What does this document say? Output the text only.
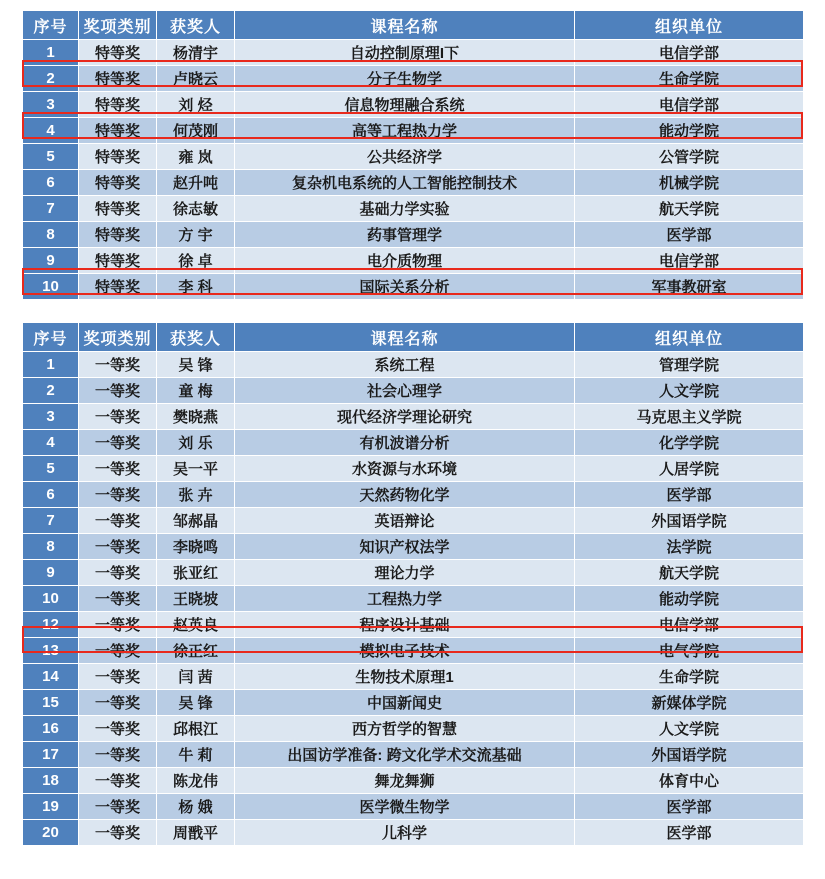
序号	奖项类别	获奖人	课程名称	组织单位
1	特等奖	杨清宇	自动控制原理I下	电信学部
2	特等奖	卢晓云	分子生物学	生命学院
3	特等奖	刘 烃	信息物理融合系统	电信学部
4	特等奖	何茂刚	高等工程热力学	能动学院
5	特等奖	雍 岚	公共经济学	公管学院
6	特等奖	赵升吨	复杂机电系统的人工智能控制技术	机械学院
7	特等奖	徐志敏	基础力学实验	航天学院
8	特等奖	方 宇	药事管理学	医学部
9	特等奖	徐 卓	电介质物理	电信学部
10	特等奖	李 科	国际关系分析	军事教研室
序号	奖项类别	获奖人	课程名称	组织单位
1	一等奖	吴 锋	系统工程	管理学院
2	一等奖	童 梅	社会心理学	人文学院
3	一等奖	樊晓燕	现代经济学理论研究	马克思主义学院
4	一等奖	刘 乐	有机波谱分析	化学学院
5	一等奖	吴一平	水资源与水环境	人居学院
6	一等奖	张 卉	天然药物化学	医学部
7	一等奖	邹郝晶	英语辩论	外国语学院
8	一等奖	李晓鸣	知识产权法学	法学院
9	一等奖	张亚红	理论力学	航天学院
10	一等奖	王晓坡	工程热力学	能动学院
12	一等奖	赵英良	程序设计基础	电信学部
13	一等奖	徐正红	模拟电子技术	电气学院
14	一等奖	闫 茜	生物技术原理1	生命学院
15	一等奖	吴 锋	中国新闻史	新媒体学院
16	一等奖	邱根江	西方哲学的智慧	人文学院
17	一等奖	牛 莉	出国访学准备: 跨文化学术交流基础	外国语学院
18	一等奖	陈龙伟	舞龙舞狮	体育中心
19	一等奖	杨 娥	医学微生物学	医学部
20	一等奖	周戬平	儿科学	医学部
